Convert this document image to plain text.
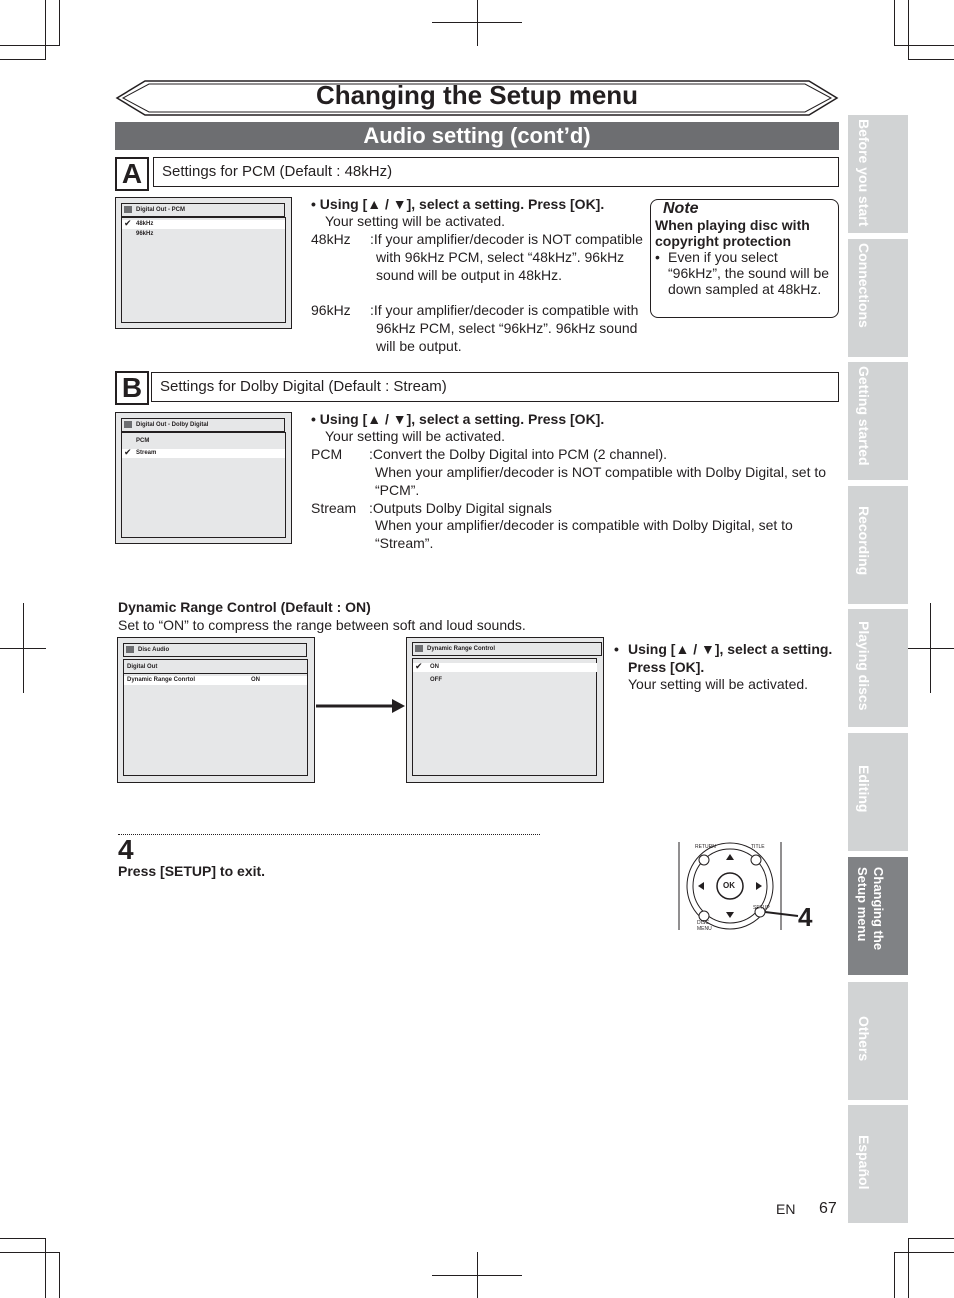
Changing the Setup menu
Audio setting (cont’d)
A	Settings for PCM (Default : 48kHz)
Digital Out - PCM
✔ 48kHz
96kHz
• Using [▲ / ▼], select a setting. Press [OK].
Your setting will be activated.
48kHz :If your amplifier/decoder is NOT compatible with 96kHz PCM, select “48kHz”. 96kHz sound will be output in 48kHz.
96kHz :If your amplifier/decoder is compatible with 96kHz PCM, select “96kHz”. 96kHz sound will be output.
Note
When playing disc with copyright protection
• Even if you select “96kHz”, the sound will be down sampled at 48kHz.
B	Settings for Dolby Digital (Default : Stream)
Digital Out - Dolby Digital
PCM
✔ Stream
• Using [▲ / ▼], select a setting. Press [OK].
Your setting will be activated.
PCM :Convert the Dolby Digital into PCM (2 channel).
When your amplifier/decoder is NOT compatible with Dolby Digital, set to “PCM”.
Stream :Outputs Dolby Digital signals
When your amplifier/decoder is compatible with Dolby Digital, set to “Stream”.
Dynamic Range Control (Default : ON)
Set to “ON” to compress the range between soft and loud sounds.
Disc Audio
Digital Out
Dynamic Range Conrtol	ON
Dynamic Range Control
✔ ON
OFF
• Using [▲ / ▼], select a setting.
Press [OK].
Your setting will be activated.
4
Press [SETUP] to exit.
RETURN	TITLE
OK
DISC
MENU
SETUP 4
Before you start
Connections
Getting started
Recording
Playing discs
Editing
Changing the Setup menu
Others
Español
EN 67
